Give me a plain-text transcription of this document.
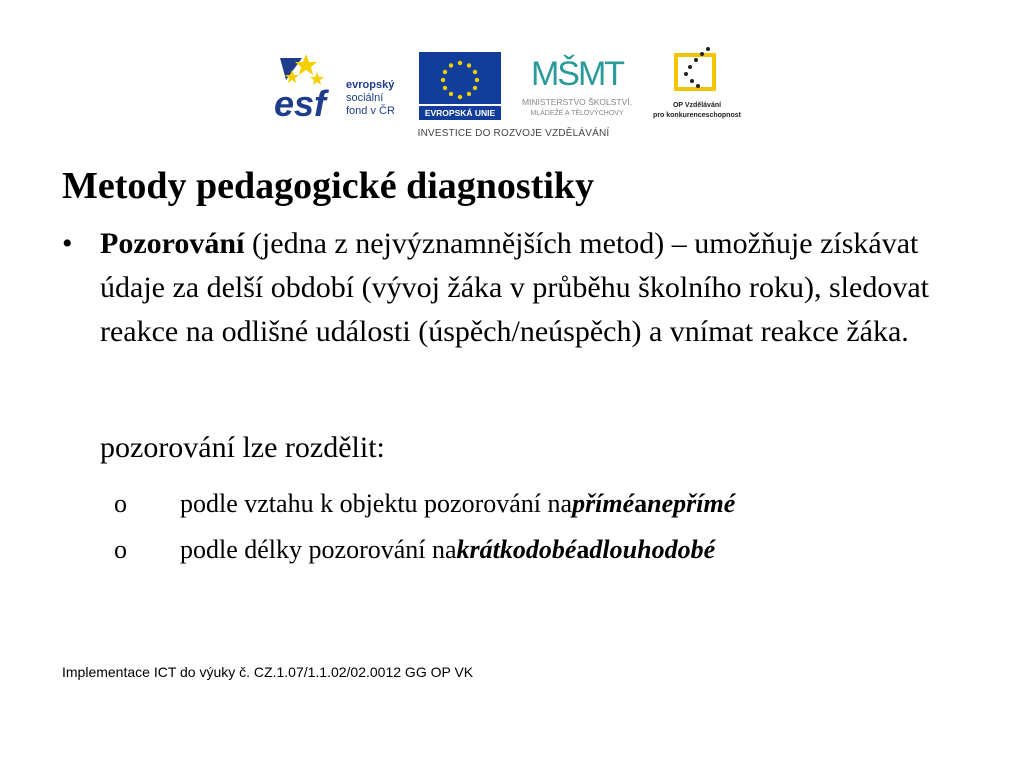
esf evropský
sociální
fond v ČR	EVROPSKÁ UNIE
MŠMT
MINISTERSTVO ŠKOLSTVÍ,
MLÁDEŽE A TĚLOVÝCHOVY
OP Vzdělávání
pro konkurenceschopnost
INVESTICE DO ROZVOJE VZDĚLÁVÁNÍ
Metody pedagogické diagnostiky
• Pozorování (jedna z nejvýznamnějších metod) – umožňuje získávat údaje za delší období (vývoj žáka v průběhu školního roku), sledovat reakce na odlišné události (úspěch/neúspěch) a vnímat reakce žáka.
pozorování lze rozdělit:
o	podle vztahu k objektu pozorování na přímé a nepřímé
o	podle délky pozorování na krátkodobé a dlouhodobé
Implementace ICT do výuky č. CZ.1.07/1.1.02/02.0012 GG OP VK
